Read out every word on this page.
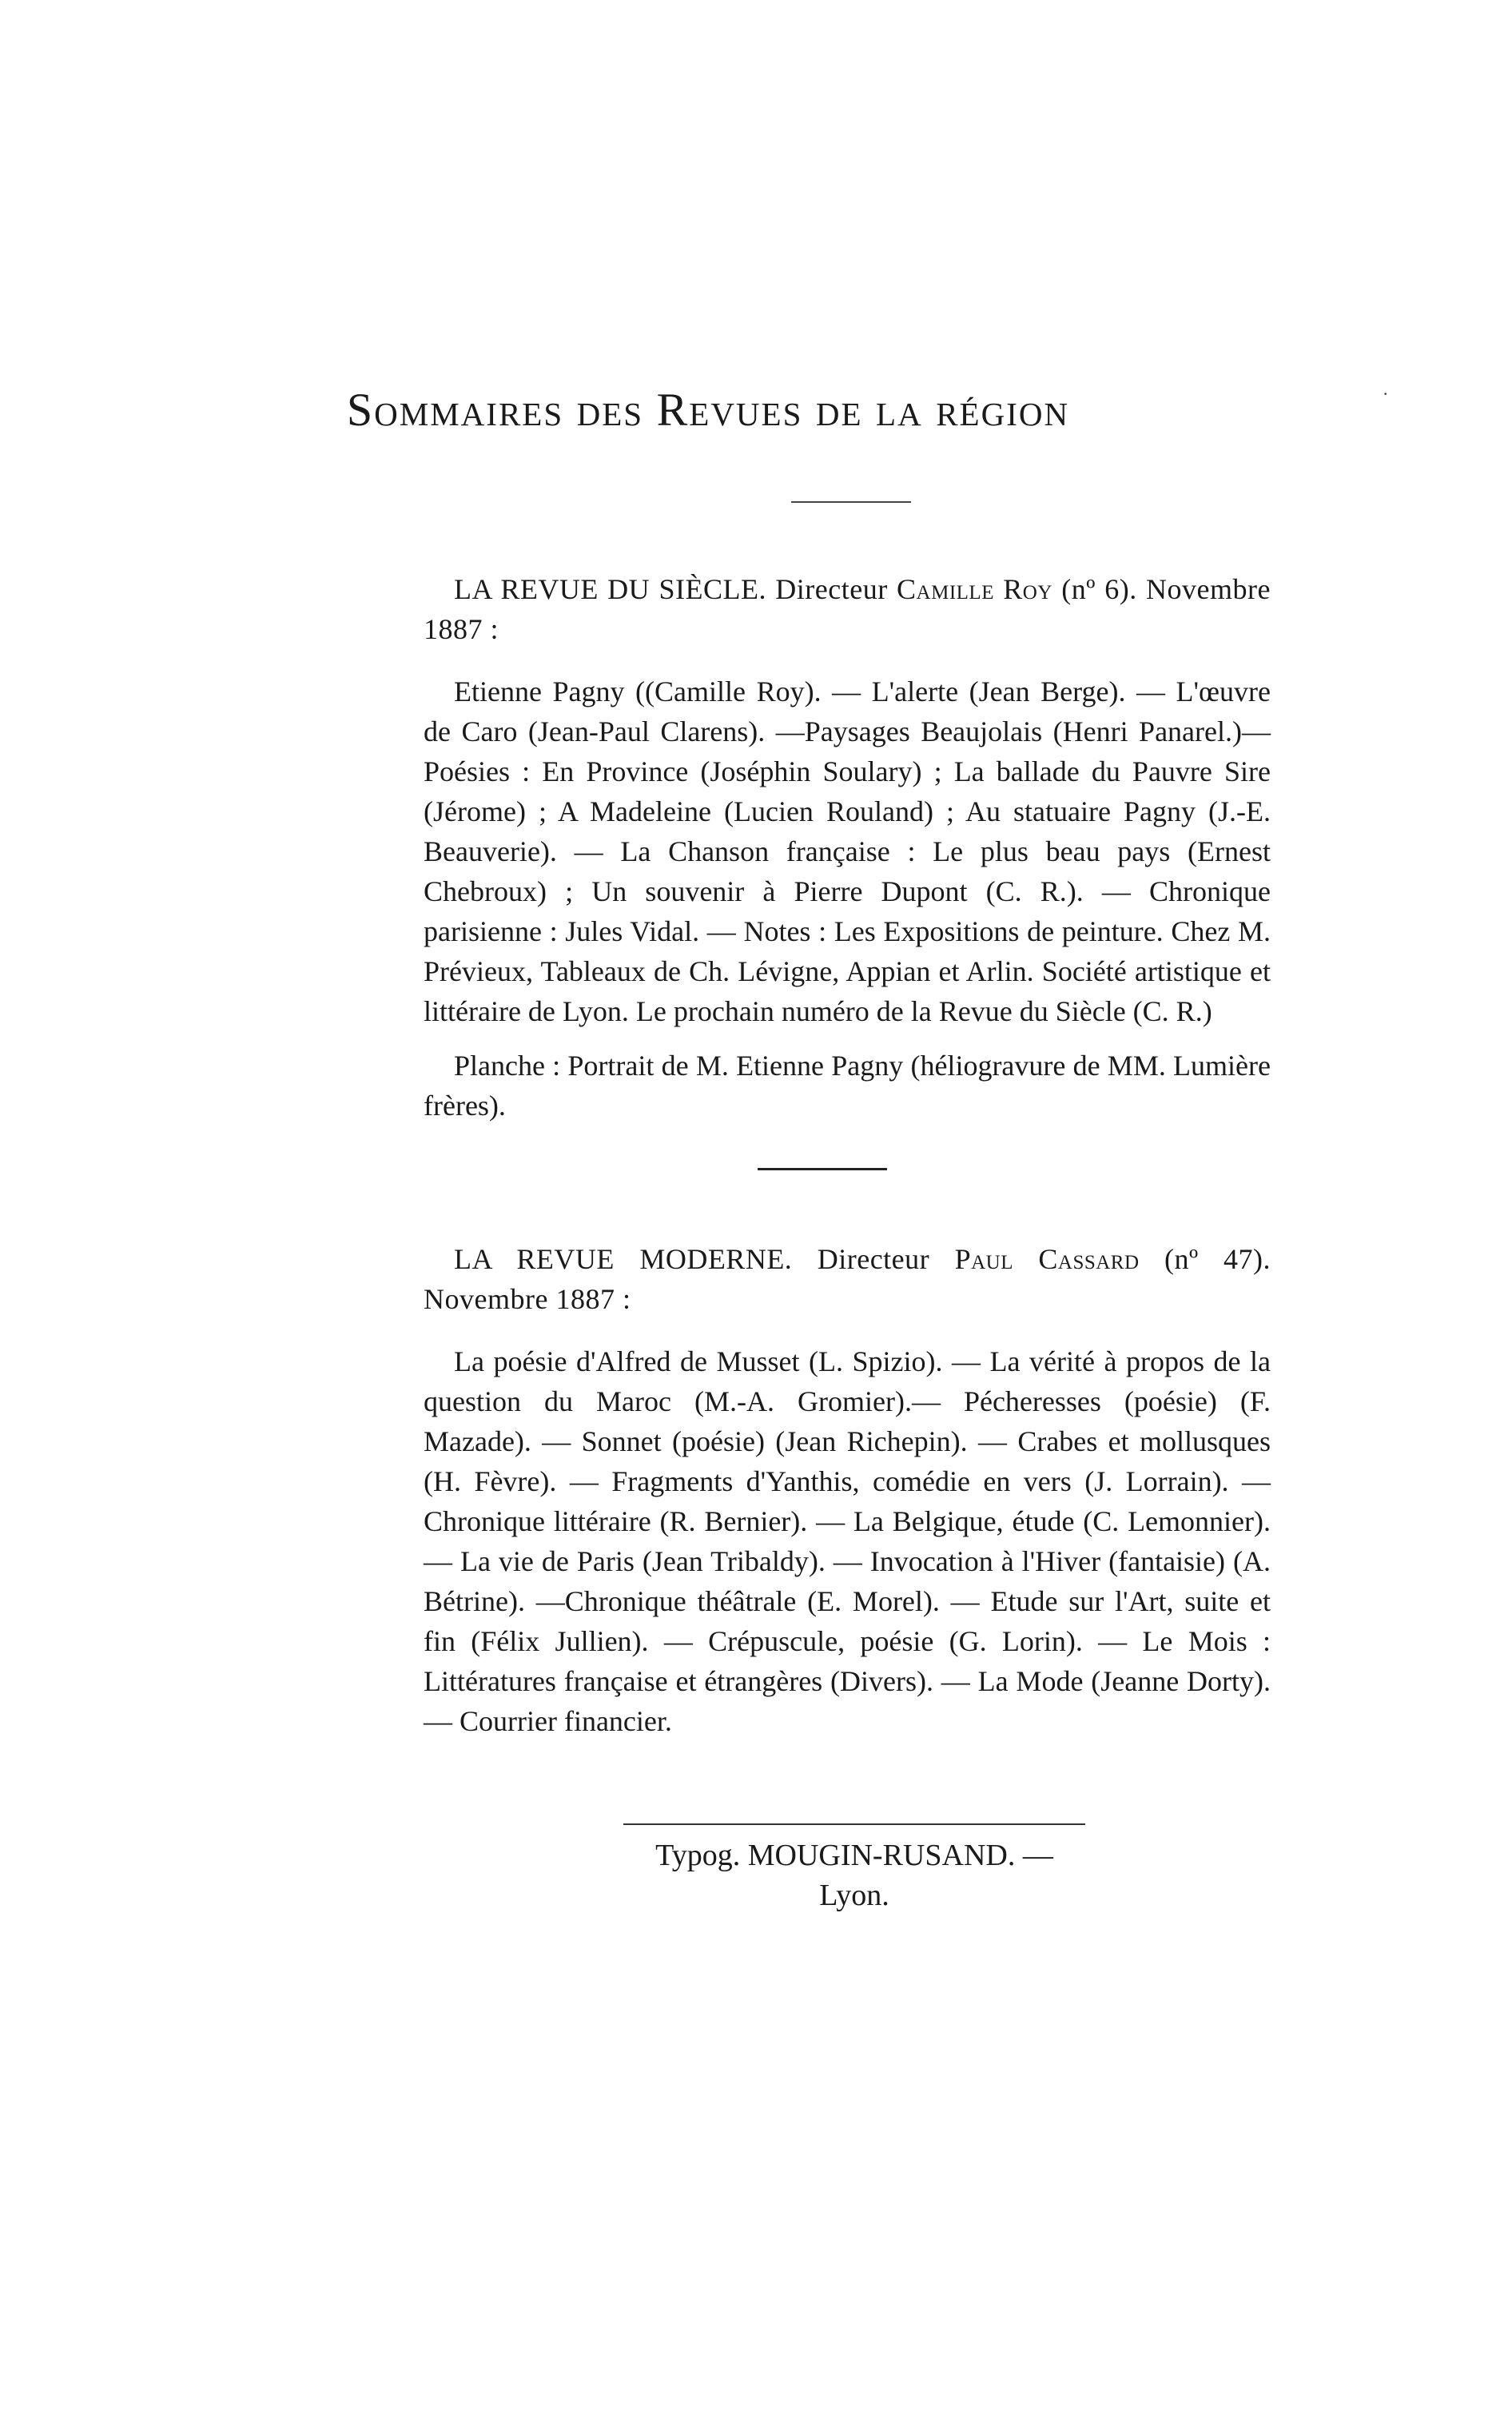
·
Sommaires des Revues de la région

LA REVUE DU SIÈCLE. Directeur Camille Roy (nº 6). Novembre 1887 :

Etienne Pagny ((Camille Roy). — L'alerte (Jean Berge). — L'œuvre de Caro (Jean-Paul Clarens). —Paysages Beaujolais (Henri Panarel.)— Poésies : En Province (Joséphin Soulary) ; La ballade du Pauvre Sire (Jérome) ; A Madeleine (Lucien Rouland) ; Au statuaire Pagny (J.-E. Beauverie). — La Chanson française : Le plus beau pays (Ernest Chebroux) ; Un souvenir à Pierre Dupont (C. R.). — Chronique parisienne : Jules Vidal. — Notes : Les Expositions de peinture. Chez M. Prévieux, Tableaux de Ch. Lévigne, Appian et Arlin. Société artistique et littéraire de Lyon. Le prochain numéro de la Revue du Siècle (C. R.)

Planche : Portrait de M. Etienne Pagny (héliogravure de MM. Lumière frères).

LA REVUE MODERNE. Directeur Paul Cassard (nº 47). Novembre 1887 :

La poésie d'Alfred de Musset (L. Spizio). — La vérité à propos de la question du Maroc (M.-A. Gromier).— Pécheresses (poésie) (F. Mazade). — Sonnet (poésie) (Jean Richepin). — Crabes et mollusques (H. Fèvre). — Fragments d'Yanthis, comédie en vers (J. Lorrain). — Chronique littéraire (R. Bernier). — La Belgique, étude (C. Lemonnier). — La vie de Paris (Jean Tribaldy). — Invocation à l'Hiver (fantaisie) (A. Bétrine). —Chronique théâtrale (E. Morel). — Etude sur l'Art, suite et fin (Félix Jullien). — Crépuscule, poésie (G. Lorin). — Le Mois : Littératures française et étrangères (Divers). — La Mode (Jeanne Dorty). — Courrier financier.

Typog. MOUGIN-RUSAND. — Lyon.
